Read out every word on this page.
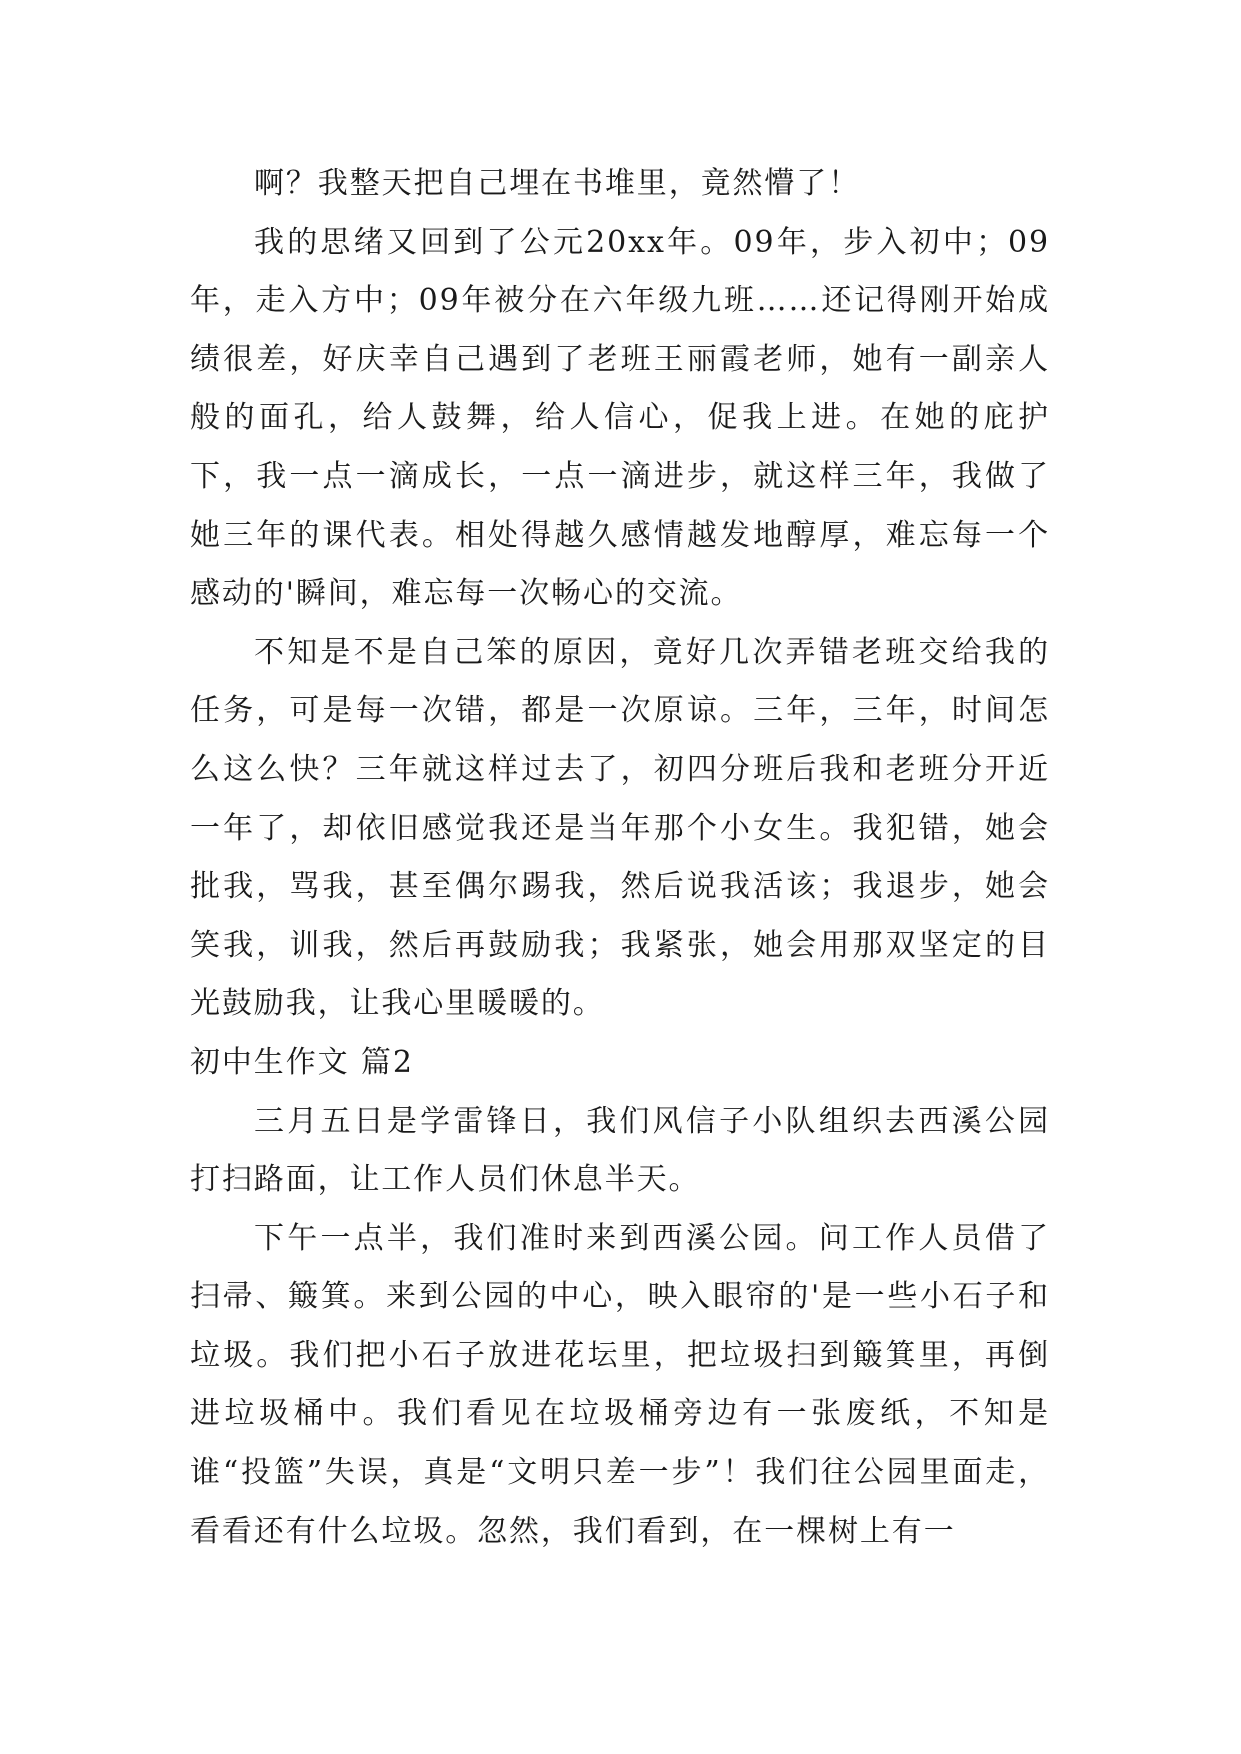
啊？我整天把自己埋在书堆里，竟然懵了！

我的思绪又回到了公元20xx年。09年，步入初中；09年，走入方中；09年被分在六年级九班……还记得刚开始成绩很差，好庆幸自己遇到了老班王丽霞老师，她有一副亲人般的面孔，给人鼓舞，给人信心，促我上进。在她的庇护下，我一点一滴成长，一点一滴进步，就这样三年，我做了她三年的课代表。相处得越久感情越发地醇厚，难忘每一个感动的'瞬间，难忘每一次畅心的交流。

不知是不是自己笨的原因，竟好几次弄错老班交给我的任务，可是每一次错，都是一次原谅。三年，三年，时间怎么这么快？三年就这样过去了，初四分班后我和老班分开近一年了，却依旧感觉我还是当年那个小女生。我犯错，她会批我，骂我，甚至偶尔踢我，然后说我活该；我退步，她会笑我，训我，然后再鼓励我；我紧张，她会用那双坚定的目光鼓励我，让我心里暖暖的。

初中生作文 篇2

三月五日是学雷锋日，我们风信子小队组织去西溪公园打扫路面，让工作人员们休息半天。

下午一点半，我们准时来到西溪公园。问工作人员借了扫帚、簸箕。来到公园的中心，映入眼帘的'是一些小石子和垃圾。我们把小石子放进花坛里，把垃圾扫到簸箕里，再倒进垃圾桶中。我们看见在垃圾桶旁边有一张废纸，不知是谁“投篮”失误，真是“文明只差一步”！我们往公园里面走，看看还有什么垃圾。忽然，我们看到，在一棵树上有一
